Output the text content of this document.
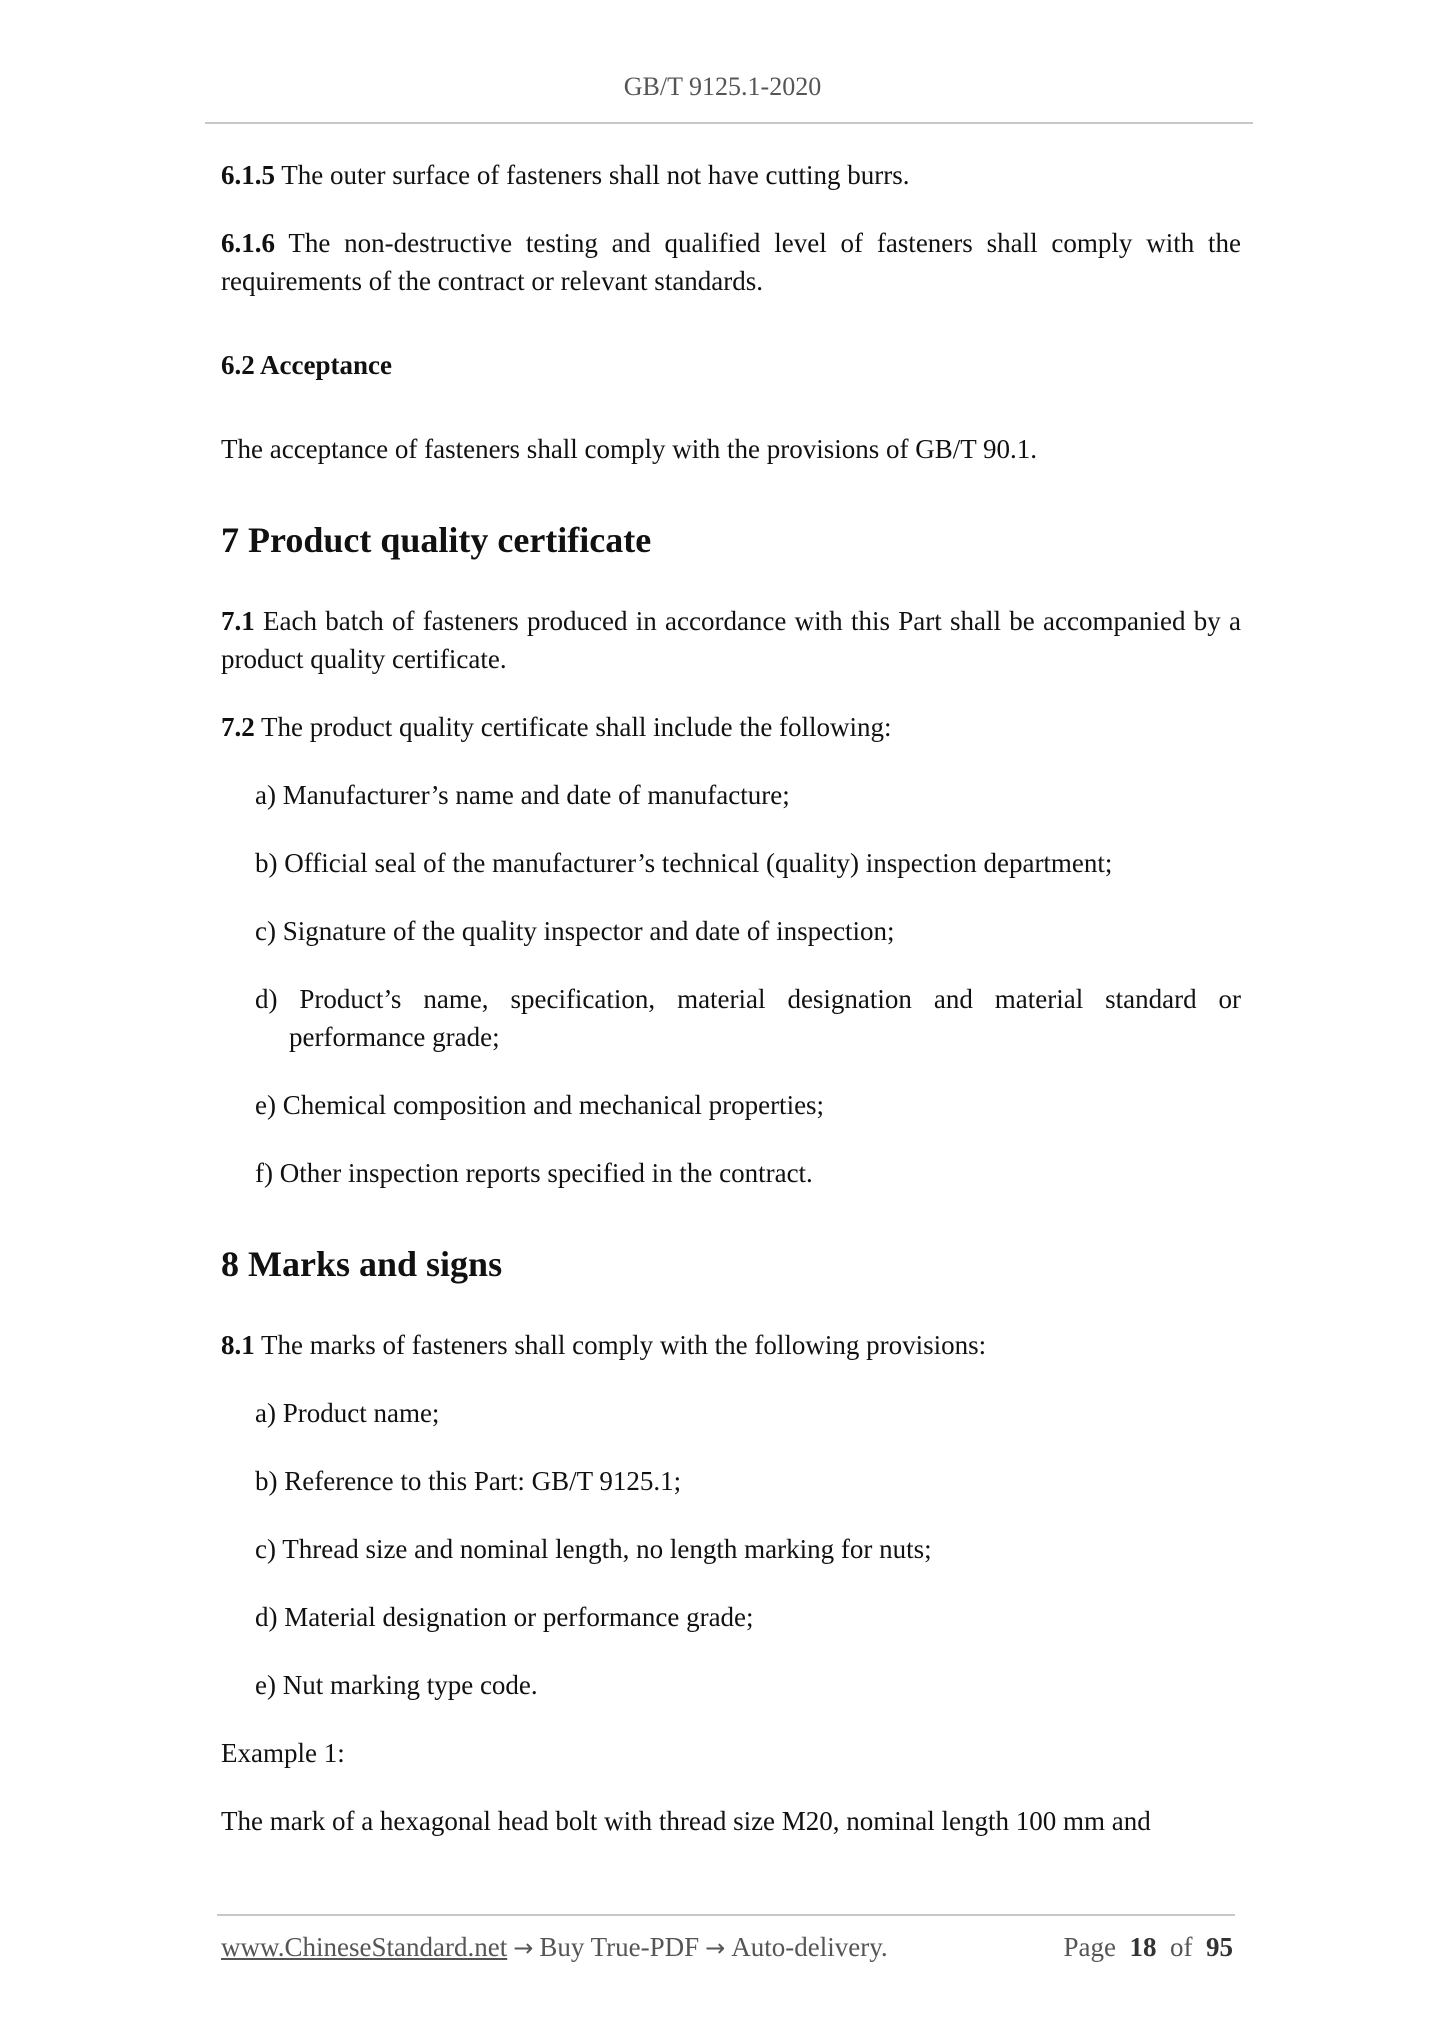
GB/T 9125.1-2020

6.1.5 The outer surface of fasteners shall not have cutting burrs.

6.1.6 The non-destructive testing and qualified level of fasteners shall comply with the requirements of the contract or relevant standards.

6.2 Acceptance

The acceptance of fasteners shall comply with the provisions of GB/T 90.1.

7 Product quality certificate

7.1 Each batch of fasteners produced in accordance with this Part shall be accompanied by a product quality certificate.

7.2 The product quality certificate shall include the following:

a) Manufacturer’s name and date of manufacture;

b) Official seal of the manufacturer’s technical (quality) inspection department;

c) Signature of the quality inspector and date of inspection;

d) Product’s name, specification, material designation and material standard or performance grade;

e) Chemical composition and mechanical properties;

f) Other inspection reports specified in the contract.

8 Marks and signs

8.1 The marks of fasteners shall comply with the following provisions:

a) Product name;

b) Reference to this Part: GB/T 9125.1;

c) Thread size and nominal length, no length marking for nuts;

d) Material designation or performance grade;

e) Nut marking type code.

Example 1:

The mark of a hexagonal head bolt with thread size M20, nominal length 100 mm and

www.ChineseStandard.net → Buy True-PDF → Auto-delivery.	Page 18 of 95
